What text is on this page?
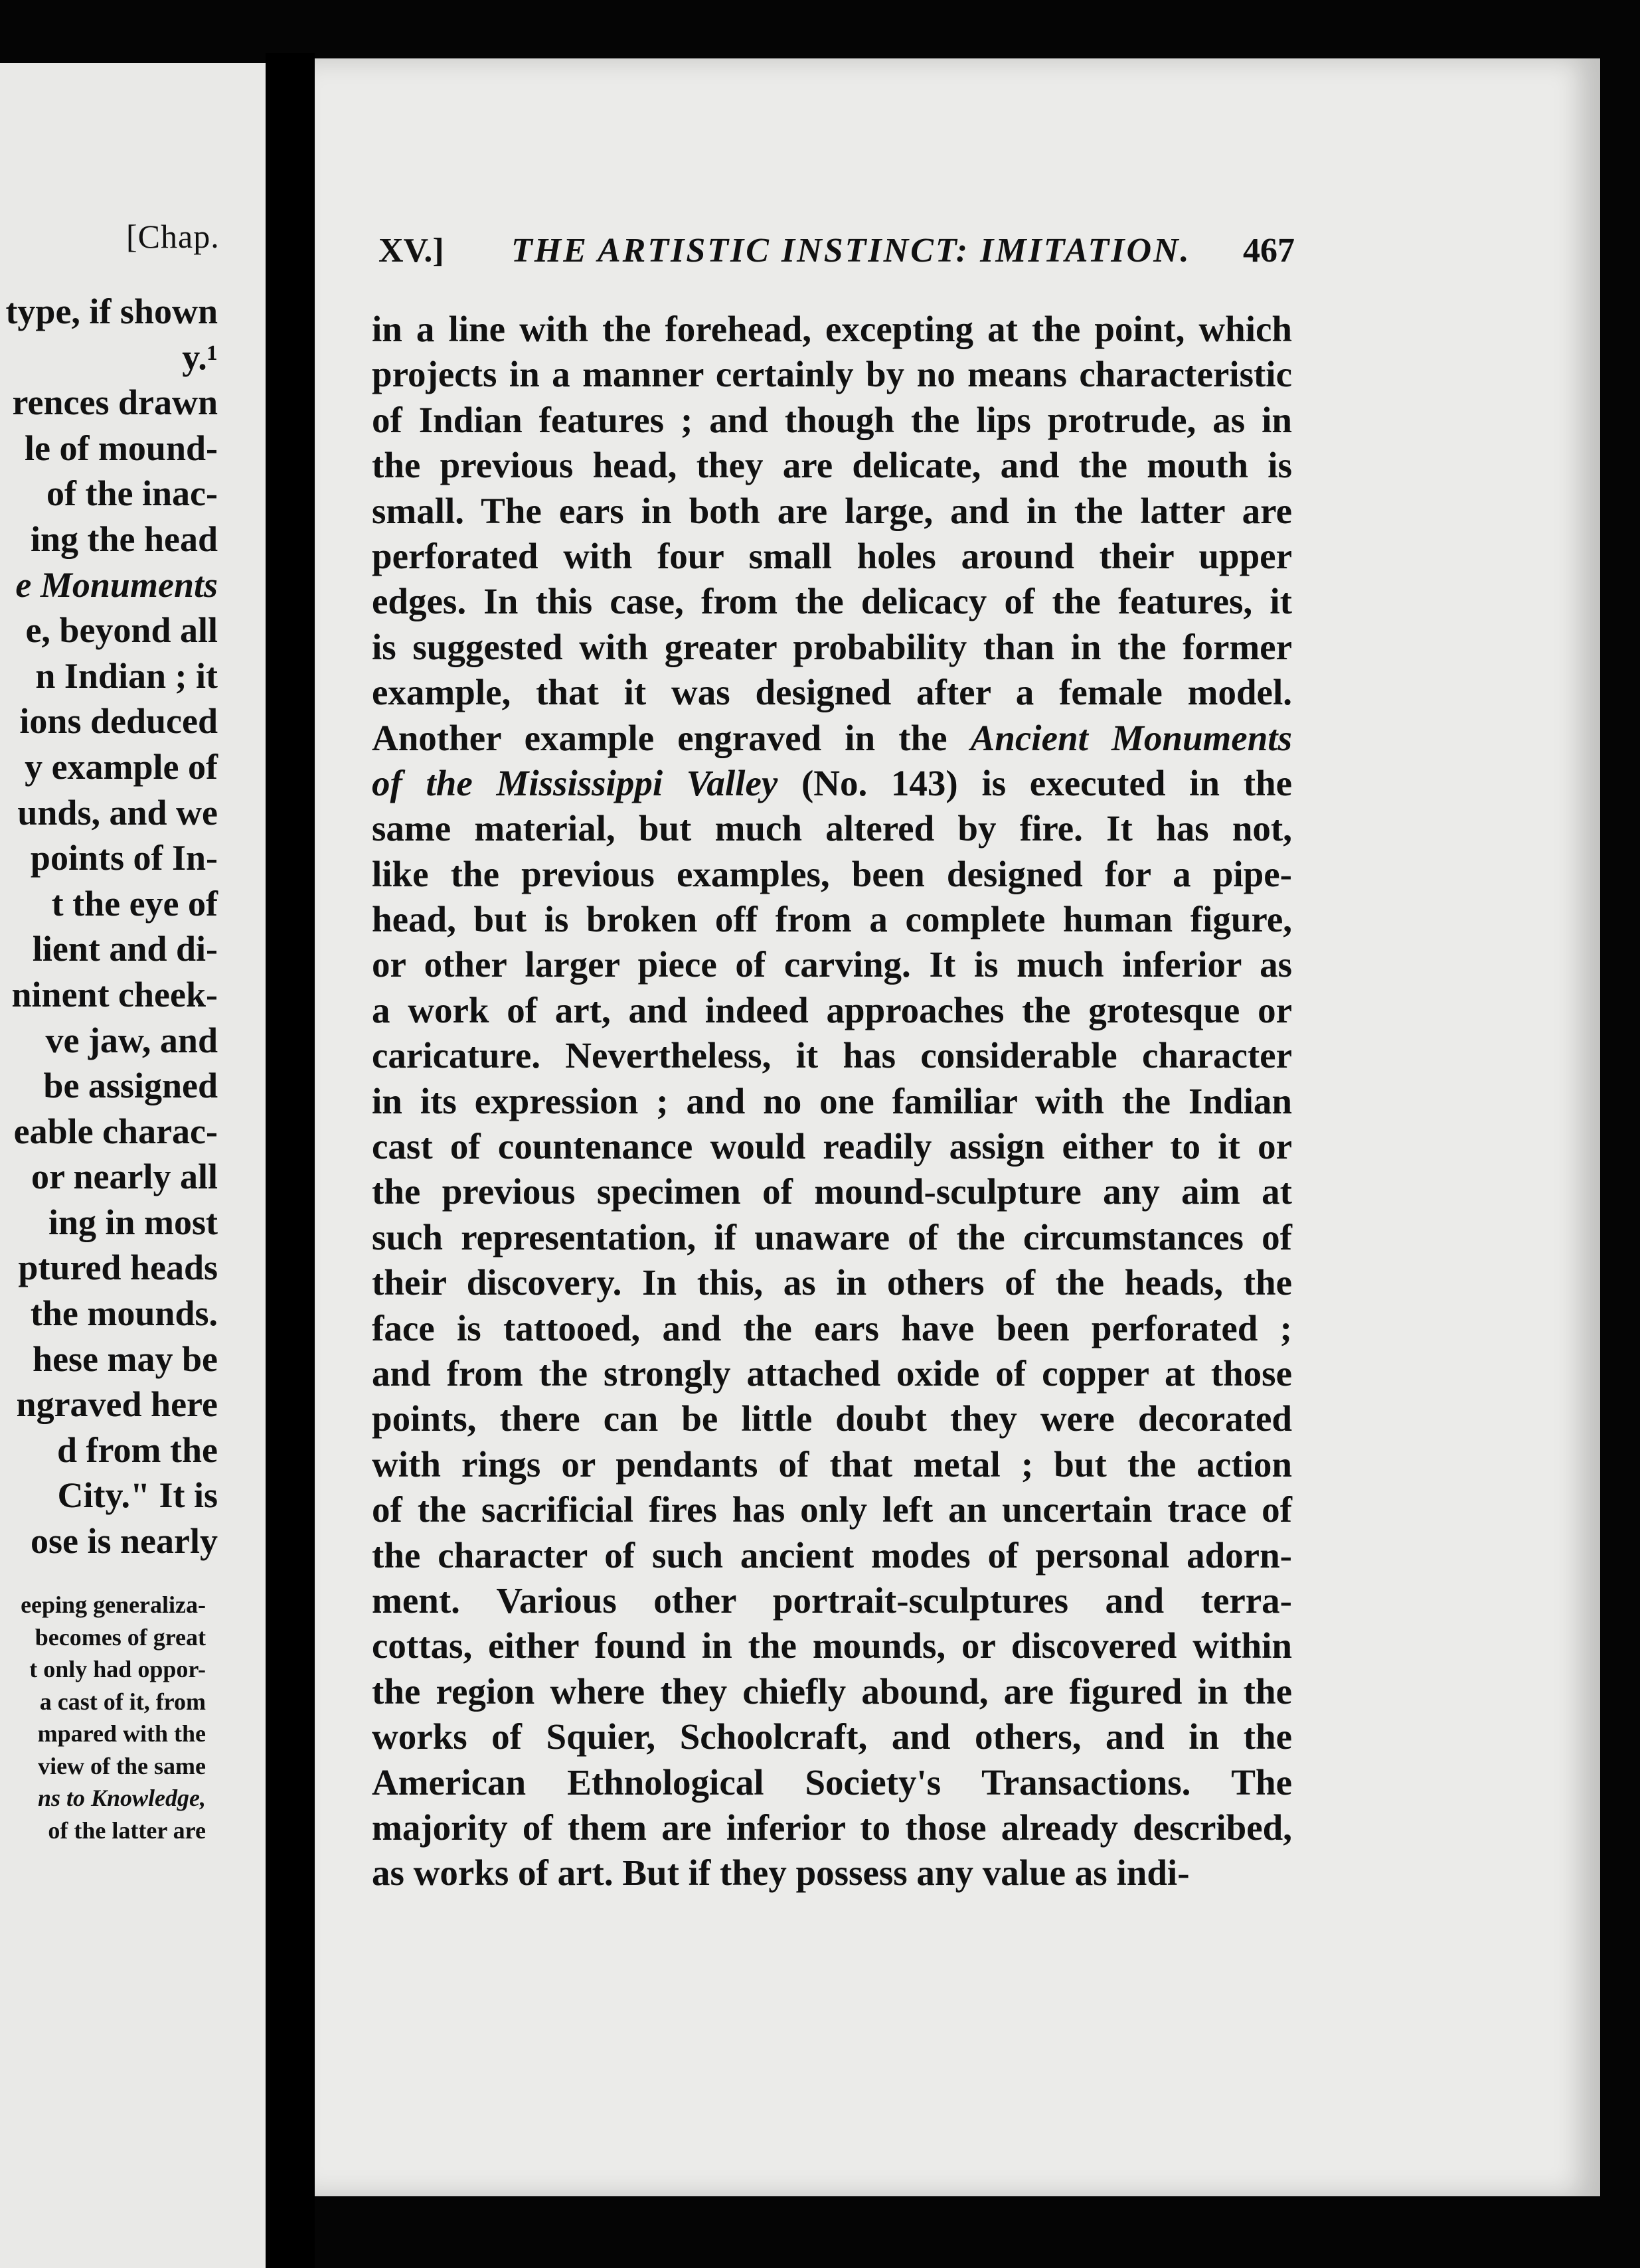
[Chap.
type, if shown
y.¹
rences drawn
le of mound-
of the inac-
ing the head
e Monuments
e, beyond all
n Indian ; it
ions deduced
y example of
unds, and we
points of In-
t the eye of
lient and di-
ninent cheek-
ve jaw, and
be assigned
eable charac-
or nearly all
ing in most
ptured heads
the mounds.
hese may be
ngraved here
d from the
City." It is
ose is nearly
eeping generaliza-
becomes of great
t only had oppor-
a cast of it, from
mpared with the
view of the same
ns to Knowledge,
of the latter are
XV.] THE ARTISTIC INSTINCT: IMITATION. 467
in a line with the forehead, excepting at the point, which
projects in a manner certainly by no means characteristic
of Indian features ; and though the lips protrude, as in
the previous head, they are delicate, and the mouth is
small. The ears in both are large, and in the latter are
perforated with four small holes around their upper
edges. In this case, from the delicacy of the features, it
is suggested with greater probability than in the former
example, that it was designed after a female model.
Another example engraved in the Ancient Monuments
of the Mississippi Valley (No. 143) is executed in the
same material, but much altered by fire. It has not,
like the previous examples, been designed for a pipe-
head, but is broken off from a complete human figure,
or other larger piece of carving. It is much inferior as
a work of art, and indeed approaches the grotesque or
caricature. Nevertheless, it has considerable character
in its expression ; and no one familiar with the Indian
cast of countenance would readily assign either to it or
the previous specimen of mound-sculpture any aim at
such representation, if unaware of the circumstances of
their discovery. In this, as in others of the heads, the
face is tattooed, and the ears have been perforated ;
and from the strongly attached oxide of copper at those
points, there can be little doubt they were decorated
with rings or pendants of that metal ; but the action
of the sacrificial fires has only left an uncertain trace of
the character of such ancient modes of personal adorn-
ment. Various other portrait-sculptures and terra-
cottas, either found in the mounds, or discovered within
the region where they chiefly abound, are figured in the
works of Squier, Schoolcraft, and others, and in the
American Ethnological Society's Transactions. The
majority of them are inferior to those already described,
as works of art. But if they possess any value as indi-
